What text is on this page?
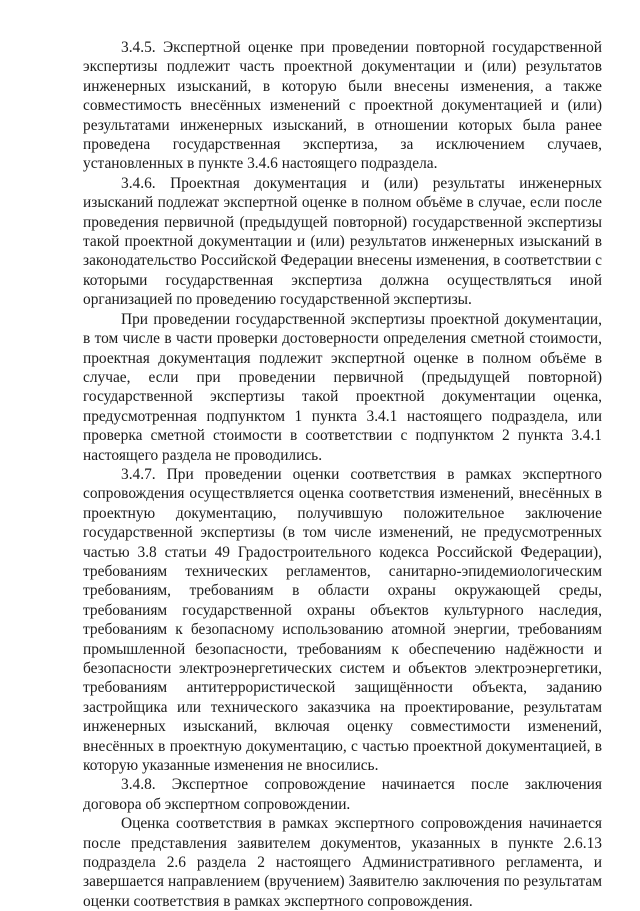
3.4.5. Экспертной оценке при проведении повторной государственной экспертизы подлежит часть проектной документации и (или) результатов инженерных изысканий, в которую были внесены изменения, а также совместимость внесённых изменений с проектной документацией и (или) результатами инженерных изысканий, в отношении которых была ранее проведена государственная экспертиза, за исключением случаев, установленных в пункте 3.4.6 настоящего подраздела.

3.4.6. Проектная документация и (или) результаты инженерных изысканий подлежат экспертной оценке в полном объёме в случае, если после проведения первичной (предыдущей повторной) государственной экспертизы такой проектной документации и (или) результатов инженерных изысканий в законодательство Российской Федерации внесены изменения, в соответствии с которыми государственная экспертиза должна осуществляться иной организацией по проведению государственной экспертизы.

При проведении государственной экспертизы проектной документации, в том числе в части проверки достоверности определения сметной стоимости, проектная документация подлежит экспертной оценке в полном объёме в случае, если при проведении первичной (предыдущей повторной) государственной экспертизы такой проектной документации оценка, предусмотренная подпунктом 1 пункта 3.4.1 настоящего подраздела, или проверка сметной стоимости в соответствии с подпунктом 2 пункта 3.4.1 настоящего раздела не проводились.

3.4.7. При проведении оценки соответствия в рамках экспертного сопровождения осуществляется оценка соответствия изменений, внесённых в проектную документацию, получившую положительное заключение государственной экспертизы (в том числе изменений, не предусмотренных частью 3.8 статьи 49 Градостроительного кодекса Российской Федерации), требованиям технических регламентов, санитарно-эпидемиологическим требованиям, требованиям в области охраны окружающей среды, требованиям государственной охраны объектов культурного наследия, требованиям к безопасному использованию атомной энергии, требованиям промышленной безопасности, требованиям к обеспечению надёжности и безопасности электроэнергетических систем и объектов электроэнергетики, требованиям антитеррористической защищённости объекта, заданию застройщика или технического заказчика на проектирование, результатам инженерных изысканий, включая оценку совместимости изменений, внесённых в проектную документацию, с частью проектной документацией, в которую указанные изменения не вносились.

3.4.8. Экспертное сопровождение начинается после заключения договора об экспертном сопровождении.

Оценка соответствия в рамках экспертного сопровождения начинается после представления заявителем документов, указанных в пункте 2.6.13 подраздела 2.6 раздела 2 настоящего Административного регламента, и завершается направлением (вручением) Заявителю заключения по результатам оценки соответствия в рамках экспертного сопровождения.
